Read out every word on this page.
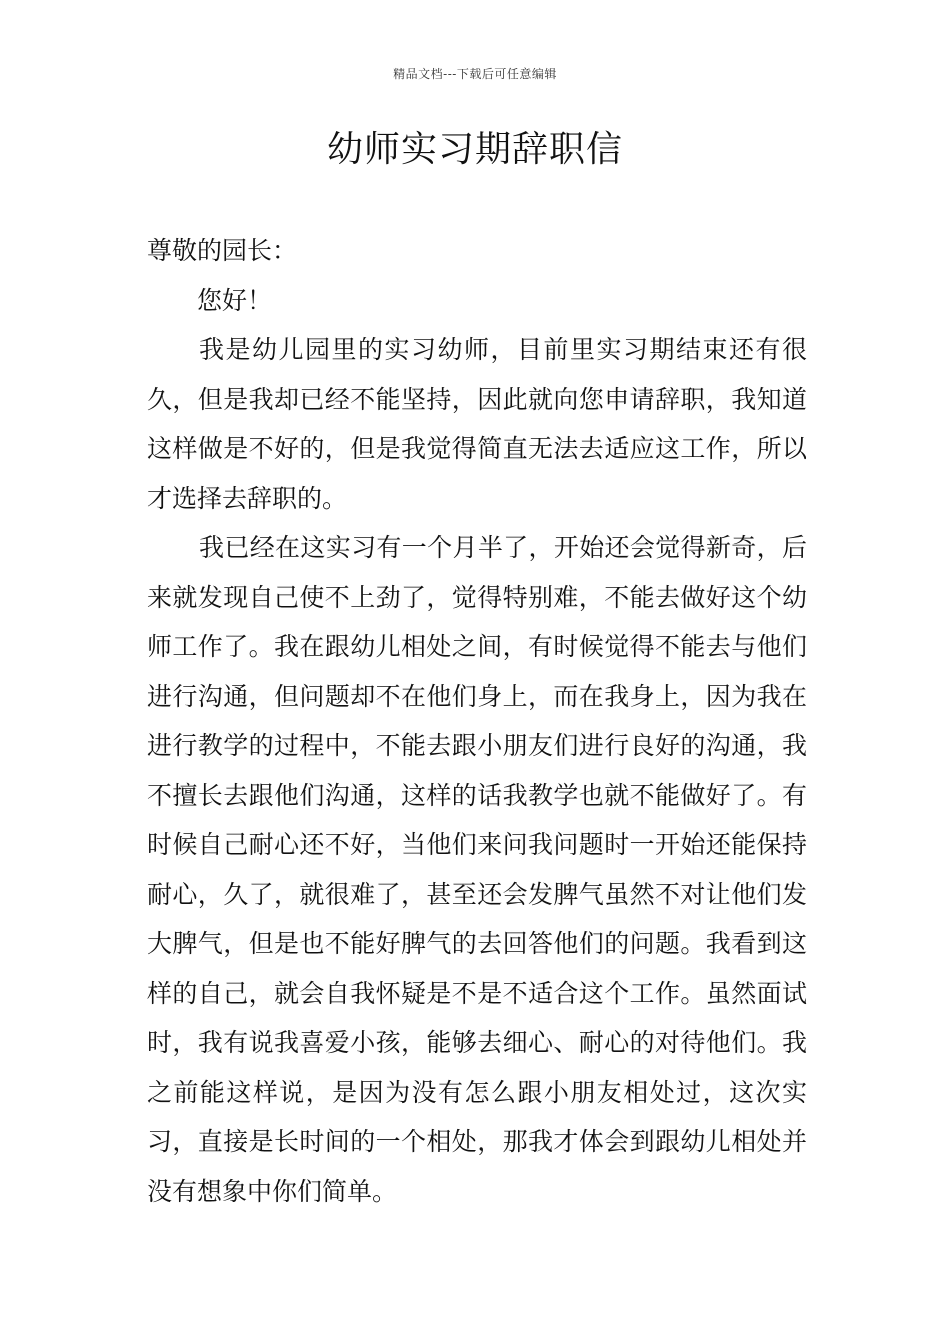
精品文档---下载后可任意编辑
幼师实习期辞职信

尊敬的园长：

您好！

我是幼儿园里的实习幼师，目前里实习期结束还有很久，但是我却已经不能坚持，因此就向您申请辞职，我知道这样做是不好的，但是我觉得简直无法去适应这工作，所以才选择去辞职的。

我已经在这实习有一个月半了，开始还会觉得新奇，后来就发现自己使不上劲了，觉得特别难，不能去做好这个幼师工作了。我在跟幼儿相处之间，有时候觉得不能去与他们进行沟通，但问题却不在他们身上，而在我身上，因为我在进行教学的过程中，不能去跟小朋友们进行良好的沟通，我不擅长去跟他们沟通，这样的话我教学也就不能做好了。有时候自己耐心还不好，当他们来问我问题时一开始还能保持耐心，久了，就很难了，甚至还会发脾气虽然不对让他们发大脾气，但是也不能好脾气的去回答他们的问题。我看到这样的自己，就会自我怀疑是不是不适合这个工作。虽然面试时，我有说我喜爱小孩，能够去细心、耐心的对待他们。我之前能这样说，是因为没有怎么跟小朋友相处过，这次实习，直接是长时间的一个相处，那我才体会到跟幼儿相处并没有想象中你们简单。
